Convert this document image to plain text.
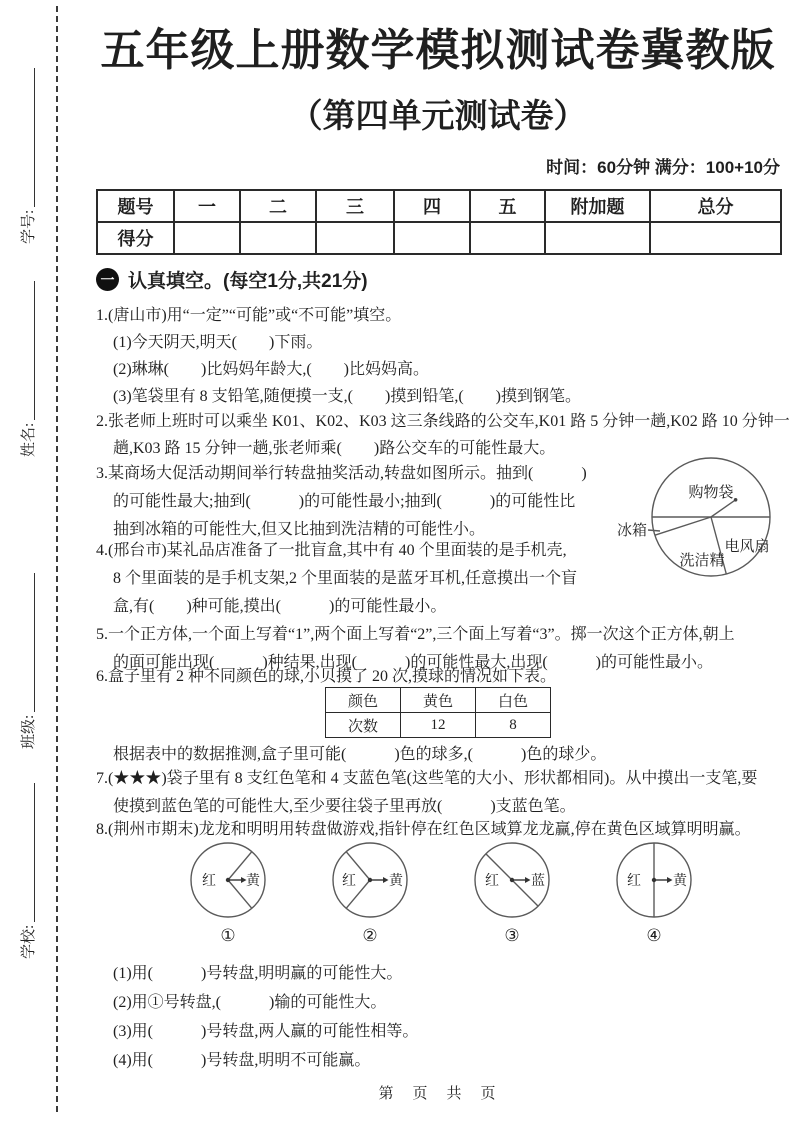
学号:
姓名:
班级:
学校:
五年级上册数学模拟测试卷冀教版
（第四单元测试卷）
时间：60分钟 满分：100+10分
题号	一	二	三	四	五	附加题	总分
得分							
一 认真填空。(每空1分,共21分)
1.(唐山市)用“一定”“可能”或“不可能”填空。
(1)今天阴天,明天(　　)下雨。
(2)琳琳(　　)比妈妈年龄大,(　　)比妈妈高。
(3)笔袋里有 8 支铅笔,随便摸一支,(　　)摸到铅笔,(　　)摸到钢笔。
2.张老师上班时可以乘坐 K01、K02、K03 这三条线路的公交车,K01 路 5 分钟一趟,K02 路 10 分钟一
趟,K03 路 15 分钟一趟,张老师乘(　　)路公交车的可能性最大。
3.某商场大促活动期间举行转盘抽奖活动,转盘如图所示。抽到(　　　)
的可能性最大;抽到(　　　)的可能性最小;抽到(　　　)的可能性比
抽到冰箱的可能性大,但又比抽到洗洁精的可能性小。
购物袋
冰箱
洗洁精
电风扇
4.(邢台市)某礼品店准备了一批盲盒,其中有 40 个里面装的是手机壳,
8 个里面装的是手机支架,2 个里面装的是蓝牙耳机,任意摸出一个盲
盒,有(　　)种可能,摸出(　　　)的可能性最小。
5.一个正方体,一个面上写着“1”,两个面上写着“2”,三个面上写着“3”。掷一次这个正方体,朝上
的面可能出现(　　　)种结果,出现(　　　)的可能性最大,出现(　　　)的可能性最小。
6.盒子里有 2 种不同颜色的球,小贝摸了 20 次,摸球的情况如下表。
颜色	黄色	白色
次数	12	8
根据表中的数据推测,盒子里可能(　　　)色的球多,(　　　)色的球少。
7.(★★★)袋子里有 8 支红色笔和 4 支蓝色笔(这些笔的大小、形状都相同)。从中摸出一支笔,要
使摸到蓝色笔的可能性大,至少要往袋子里再放(　　　)支蓝色笔。
8.(荆州市期末)龙龙和明明用转盘做游戏,指针停在红色区域算龙龙赢,停在黄色区域算明明赢。
红 黄
①
红 黄
②
红 蓝
③
红 黄
④
(1)用(　　　)号转盘,明明赢的可能性大。
(2)用①号转盘,(　　　)输的可能性大。
(3)用(　　　)号转盘,两人赢的可能性相等。
(4)用(　　　)号转盘,明明不可能赢。
第　页　共　页
